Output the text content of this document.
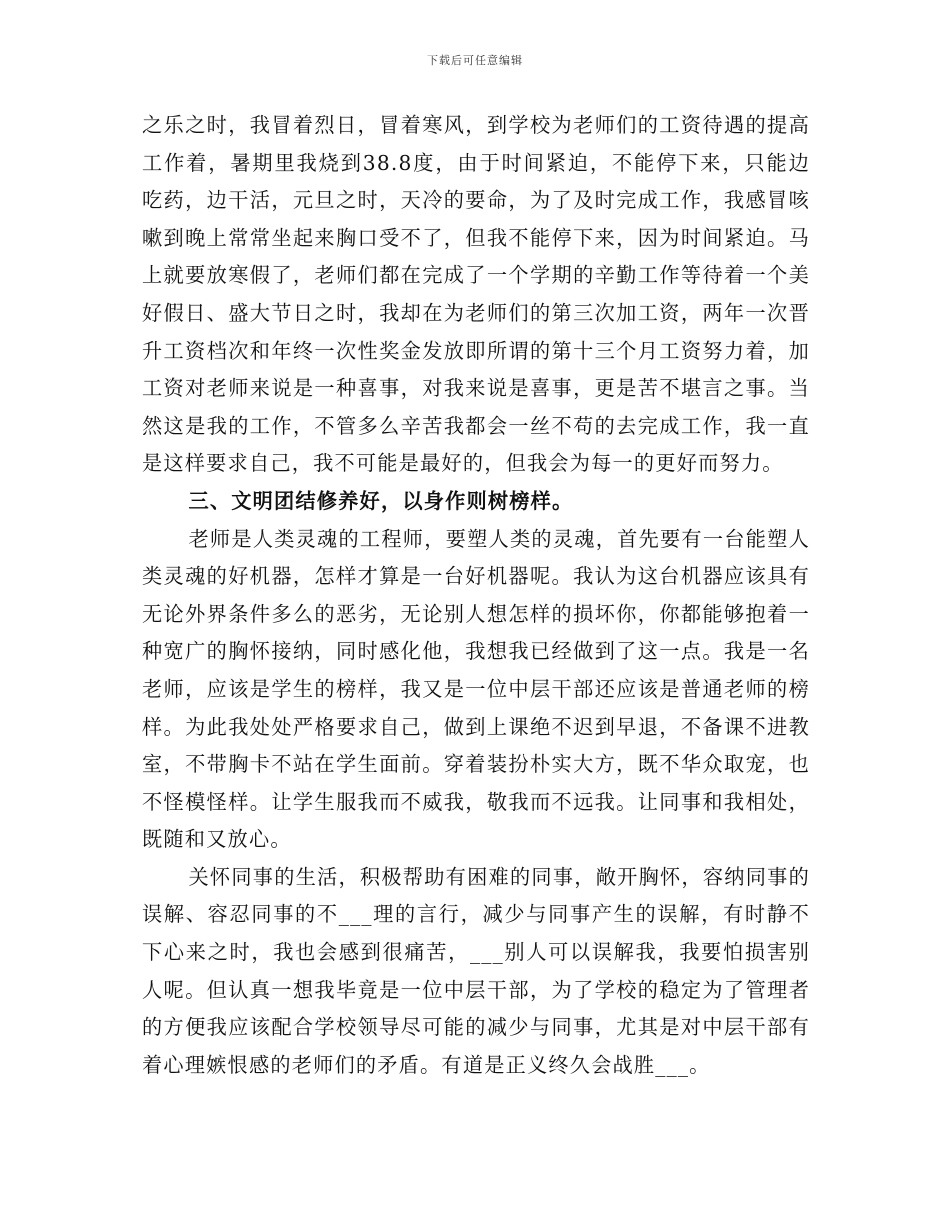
下载后可任意编辑

之乐之时，我冒着烈日，冒着寒风，到学校为老师们的工资待遇的提高工作着，暑期里我烧到38.8度，由于时间紧迫，不能停下来，只能边吃药，边干活，元旦之时，天冷的要命，为了及时完成工作，我感冒咳嗽到晚上常常坐起来胸口受不了，但我不能停下来，因为时间紧迫。马上就要放寒假了，老师们都在完成了一个学期的辛勤工作等待着一个美好假日、盛大节日之时，我却在为老师们的第三次加工资，两年一次晋升工资档次和年终一次性奖金发放即所谓的第十三个月工资努力着，加工资对老师来说是一种喜事，对我来说是喜事，更是苦不堪言之事。当然这是我的工作，不管多么辛苦我都会一丝不苟的去完成工作，我一直是这样要求自己，我不可能是最好的，但我会为每一的更好而努力。

三、文明团结修养好，以身作则树榜样。

老师是人类灵魂的工程师，要塑人类的灵魂，首先要有一台能塑人类灵魂的好机器，怎样才算是一台好机器呢。我认为这台机器应该具有无论外界条件多么的恶劣，无论别人想怎样的损坏你，你都能够抱着一种宽广的胸怀接纳，同时感化他，我想我已经做到了这一点。我是一名老师，应该是学生的榜样，我又是一位中层干部还应该是普通老师的榜样。为此我处处严格要求自己，做到上课绝不迟到早退，不备课不进教室，不带胸卡不站在学生面前。穿着装扮朴实大方，既不华众取宠，也不怪模怪样。让学生服我而不威我，敬我而不远我。让同事和我相处，既随和又放心。

关怀同事的生活，积极帮助有困难的同事，敞开胸怀，容纳同事的误解、容忍同事的不___理的言行，减少与同事产生的误解，有时静不下心来之时，我也会感到很痛苦，___别人可以误解我，我要怕损害别人呢。但认真一想我毕竟是一位中层干部，为了学校的稳定为了管理者的方便我应该配合学校领导尽可能的减少与同事，尤其是对中层干部有着心理嫉恨感的老师们的矛盾。有道是正义终久会战胜___。
